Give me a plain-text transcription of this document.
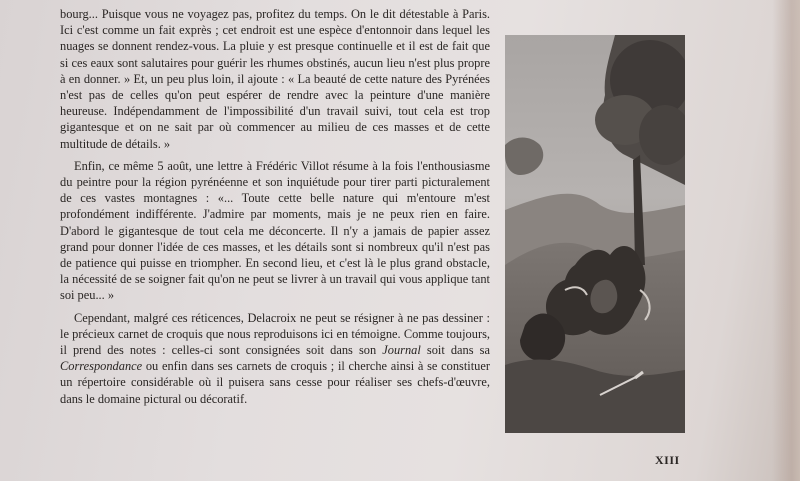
bourg... Puisque vous ne voyagez pas, profitez du temps. On le dit détestable à Paris. Ici c'est comme un fait exprès ; cet endroit est une espèce d'entonnoir dans lequel les nuages se donnent rendez-vous. La pluie y est presque continuelle et il est de fait que si ces eaux sont salutaires pour guérir les rhumes obstinés, aucun lieu n'est plus propre à en donner. » Et, un peu plus loin, il ajoute : « La beauté de cette nature des Pyrénées n'est pas de celles qu'on peut espérer de rendre avec la peinture d'une manière heureuse. Indépendamment de l'impossibilité d'un travail suivi, tout cela est trop gigantesque et on ne sait par où commencer au milieu de ces masses et de cette multitude de détails. »

Enfin, ce même 5 août, une lettre à Frédéric Villot résume à la fois l'enthousiasme du peintre pour la région pyrénéenne et son inquiétude pour tirer parti picturalement de ces vastes montagnes : «... Toute cette belle nature qui m'entoure m'est profondément indifférente. J'admire par moments, mais je ne peux rien en faire. D'abord le gigantesque de tout cela me déconcerte. Il n'y a jamais de papier assez grand pour donner l'idée de ces masses, et les détails sont si nombreux qu'il n'est pas de patience qui puisse en triompher. En second lieu, et c'est là le plus grand obstacle, la nécessité de se soigner fait qu'on ne peut se livrer à un travail qui vous applique tant soi peu... »

Cependant, malgré ces réticences, Delacroix ne peut se résigner à ne pas dessiner : le précieux carnet de croquis que nous reproduisons ici en témoigne. Comme toujours, il prend des notes : celles-ci sont consignées soit dans son Journal soit dans sa Correspondance ou enfin dans ses carnets de croquis ; il cherche ainsi à se constituer un répertoire considérable où il puisera sans cesse pour réaliser ses chefs-d'œuvre, dans le domaine pictural ou décoratif.

XIII
